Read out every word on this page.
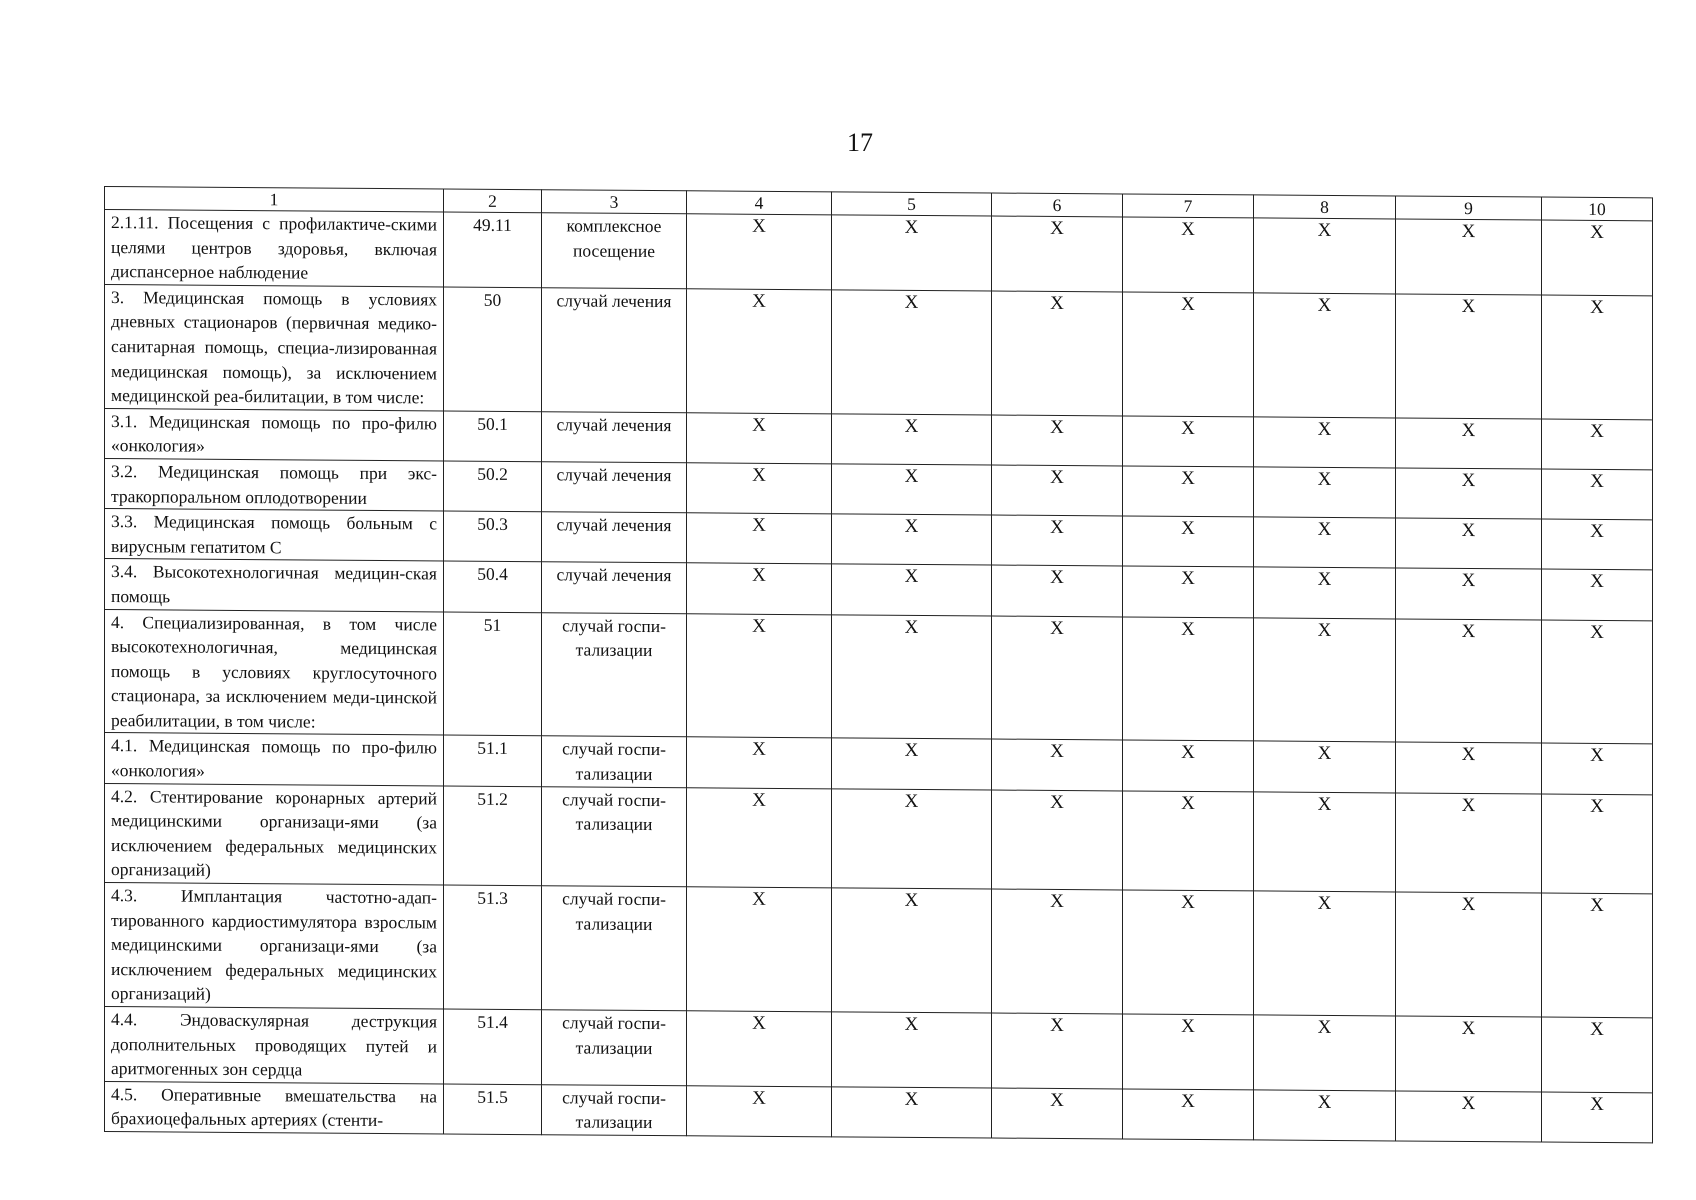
17
1	2	3	4	5	6	7	8	9	10
2.1.11. Посещения с профилактиче-скими целями центров здоровья, включая диспансерное наблюдение	49.11	комплексное посещение	X	X	X	X	X	X	X
3. Медицинская помощь в условиях дневных стационаров (первичная медико-санитарная помощь, специа-лизированная медицинская помощь), за исключением медицинской реа-билитации, в том числе:	50	случай лечения	X	X	X	X	X	X	X
3.1. Медицинская помощь по про-филю «онкология»	50.1	случай лечения	X	X	X	X	X	X	X
3.2. Медицинская помощь при экс-тракорпоральном оплодотворении	50.2	случай лечения	X	X	X	X	X	X	X
3.3. Медицинская помощь больным с вирусным гепатитом С	50.3	случай лечения	X	X	X	X	X	X	X
3.4. Высокотехнологичная медицин-ская помощь	50.4	случай лечения	X	X	X	X	X	X	X
4. Специализированная, в том числе высокотехнологичная, медицинская помощь в условиях круглосуточного стационара, за исключением меди-цинской реабилитации, в том числе:	51	случай госпи-тализации	X	X	X	X	X	X	X
4.1. Медицинская помощь по про-филю «онкология»	51.1	случай госпи-тализации	X	X	X	X	X	X	X
4.2. Стентирование коронарных артерий медицинскими организаци-ями (за исключением федеральных медицинских организаций)	51.2	случай госпи-тализации	X	X	X	X	X	X	X
4.3. Имплантация частотно-адап-тированного кардиостимулятора взрослым медицинскими организаци-ями (за исключением федеральных медицинских организаций)	51.3	случай госпи-тализации	X	X	X	X	X	X	X
4.4. Эндоваскулярная деструкция дополнительных проводящих путей и аритмогенных зон сердца	51.4	случай госпи-тализации	X	X	X	X	X	X	X
4.5. Оперативные вмешательства на брахиоцефальных артериях (стенти-	51.5	случай госпи-тализации	X	X	X	X	X	X	X
